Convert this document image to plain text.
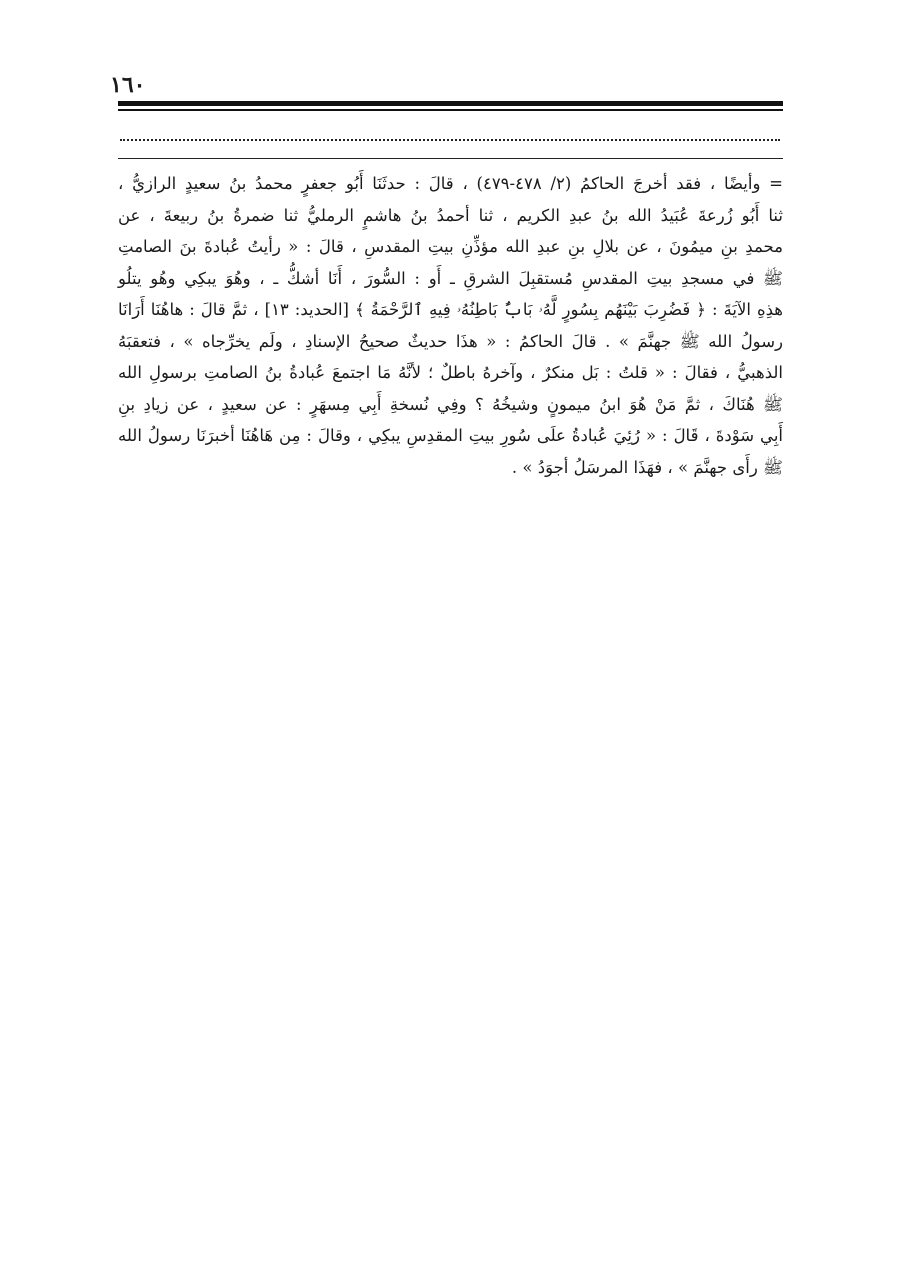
١٦٠

= وأيضًا ، فقد أخرجَ الحاكمُ (٢/ ٤٧٨-٤٧٩) ، قالَ : حدثَنَا أَبُو جعفرٍ محمدُ بنُ سعيدٍ الرازيُّ ،
ثنا أَبُو زُرعةَ عُبَيدُ الله بنُ عبدِ الكريم ، ثنا أحمدُ بنُ هاشمٍ الرمليُّ ثنا ضمرةُ بنُ ربيعةَ ، عن
محمدِ بنِ ميمُونَ ، عن بلالِ بنِ عبدِ الله مؤذِّنِ بيتِ المقدسِ ، قالَ : « رأيتُ عُبادةَ بنَ الصامتِ
ﷺ في مسجدِ بيتِ المقدسِ مُستقبِلَ الشرقِ ـ أَو : السُّورَ ، أَنَا أشكُّ ـ ، وهُوَ يبكِي وهُو يتلُو
هذِهِ الآيَةَ : ﴿ فَضُرِبَ بَيْنَهُم بِسُورٍ لَّهُۥ بَابٌۢ بَاطِنُهُۥ فِيهِ ٱلرَّحْمَةُ ﴾ [الحديد: ١٣] ، ثمَّ قالَ : هاهُنَا أَرَانَا
رسولُ الله ﷺ جهنَّمَ » . قالَ الحاكمُ : « هذَا حديثٌ صحيحُ الإسنادِ ، ولَم يخرِّجاه » ، فتعقبَهُ
الذهبيُّ ، فقالَ : « قلتُ : بَل منكرٌ ، وآخرهُ باطلٌ ؛ لأنَّهُ مَا اجتمعَ عُبادةُ بنُ الصامتِ برسولِ الله
ﷺ هُنَاكَ ، ثمَّ مَنْ هُوَ ابنُ ميمونٍ وشيخُهُ ؟ وفِي نُسخةِ أَبِي مِسهَرٍ : عن سعيدٍ ، عن زيادِ بنِ
أَبِي سَوْدةَ ، قَالَ : « رُئِيَ عُبادةُ علَى سُورِ بيتِ المقدِسِ يبكِي ، وقالَ : مِن هَاهُنَا أخبرَنَا رسولُ الله
ﷺ رأَى جهنَّمَ » ، فهَذَا المرسَلُ أجوَدُ » .
